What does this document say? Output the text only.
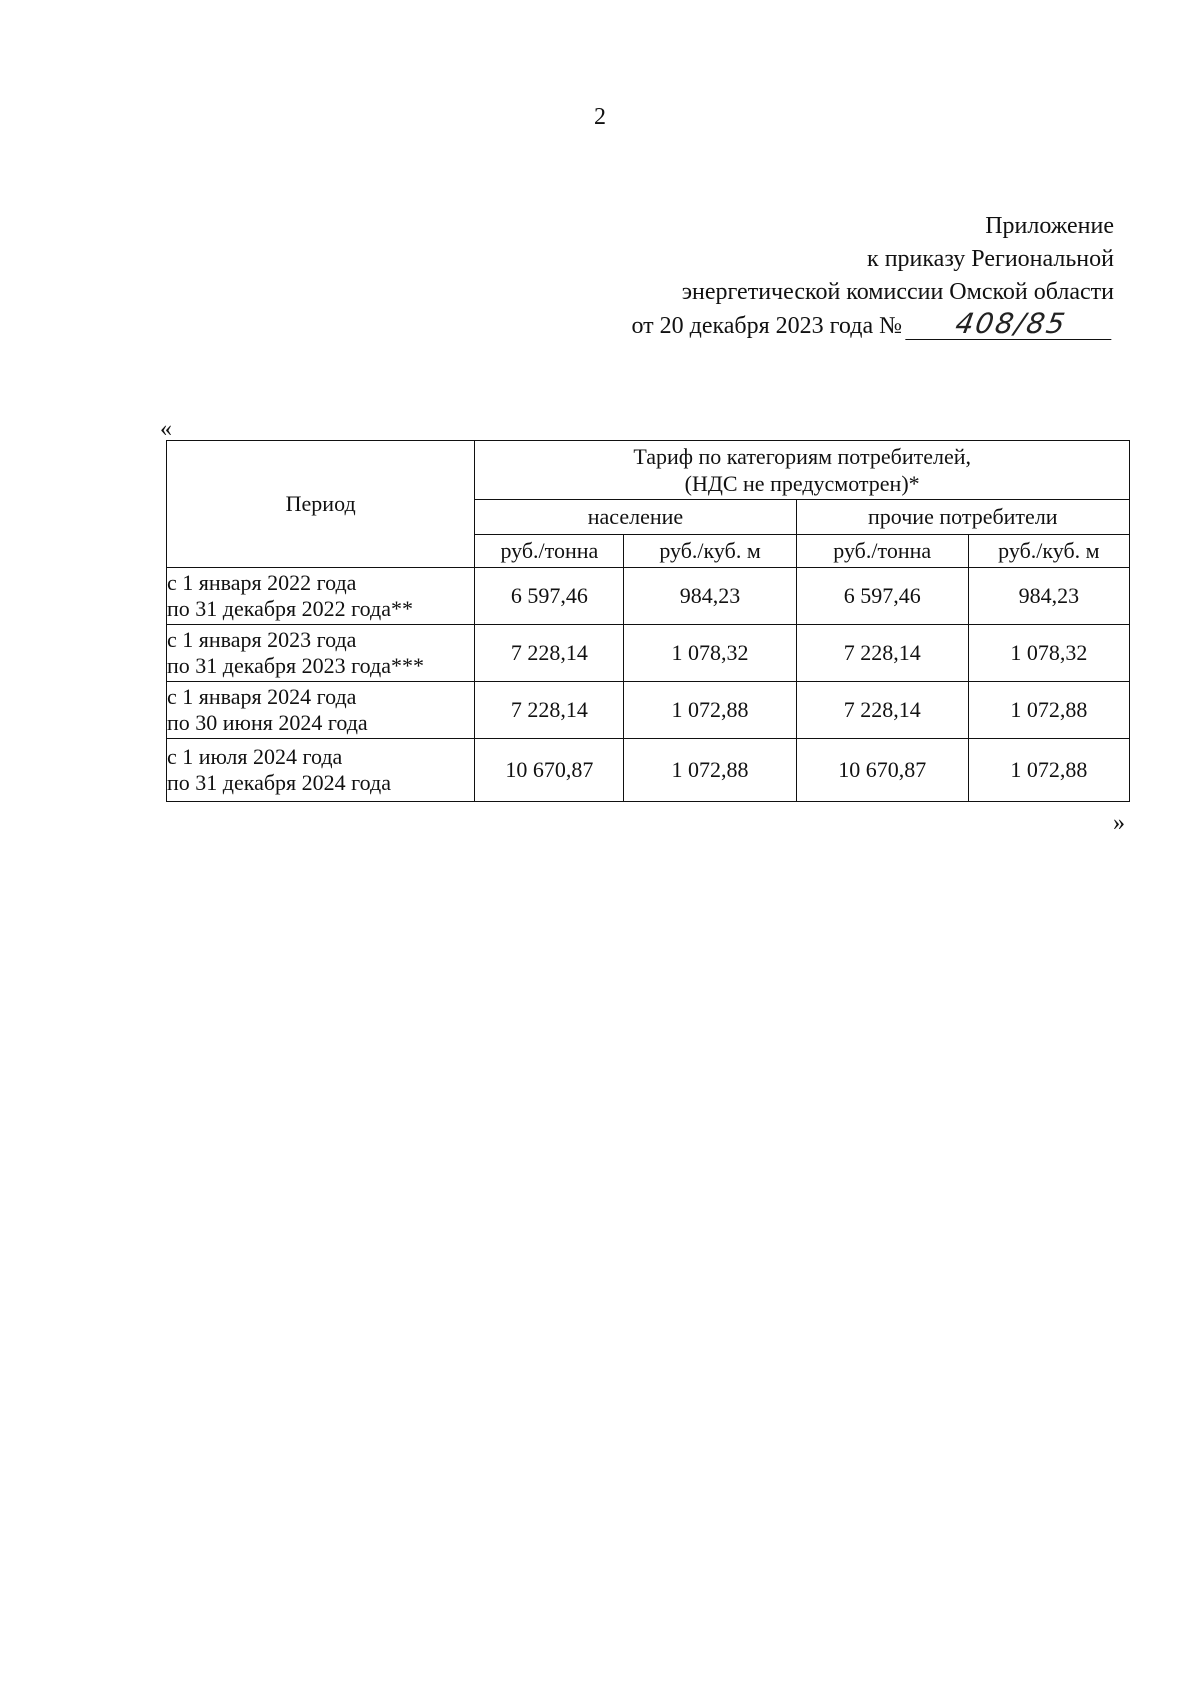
2
Приложение
к приказу Региональной
энергетической комиссии Омской области
от 20 декабря 2023 года № 408/85
«
Период	Тариф по категориям потребителей,
(НДС не предусмотрен)*			

	население		прочие потребители	
	руб./тонна	руб./куб. м	руб./тонна	руб./куб. м

с 1 января 2022 года
по 31 декабря 2022 года**	6 597,46	984,23	6 597,46	984,23

с 1 января 2023 года
по 31 декабря 2023 года***	7 228,14	1 078,32	7 228,14	1 078,32

с 1 января 2024 года
по 30 июня 2024 года	7 228,14	1 072,88	7 228,14	1 072,88

с 1 июля 2024 года
по 31 декабря 2024 года	10 670,87	1 072,88	10 670,87	1 072,88
»
